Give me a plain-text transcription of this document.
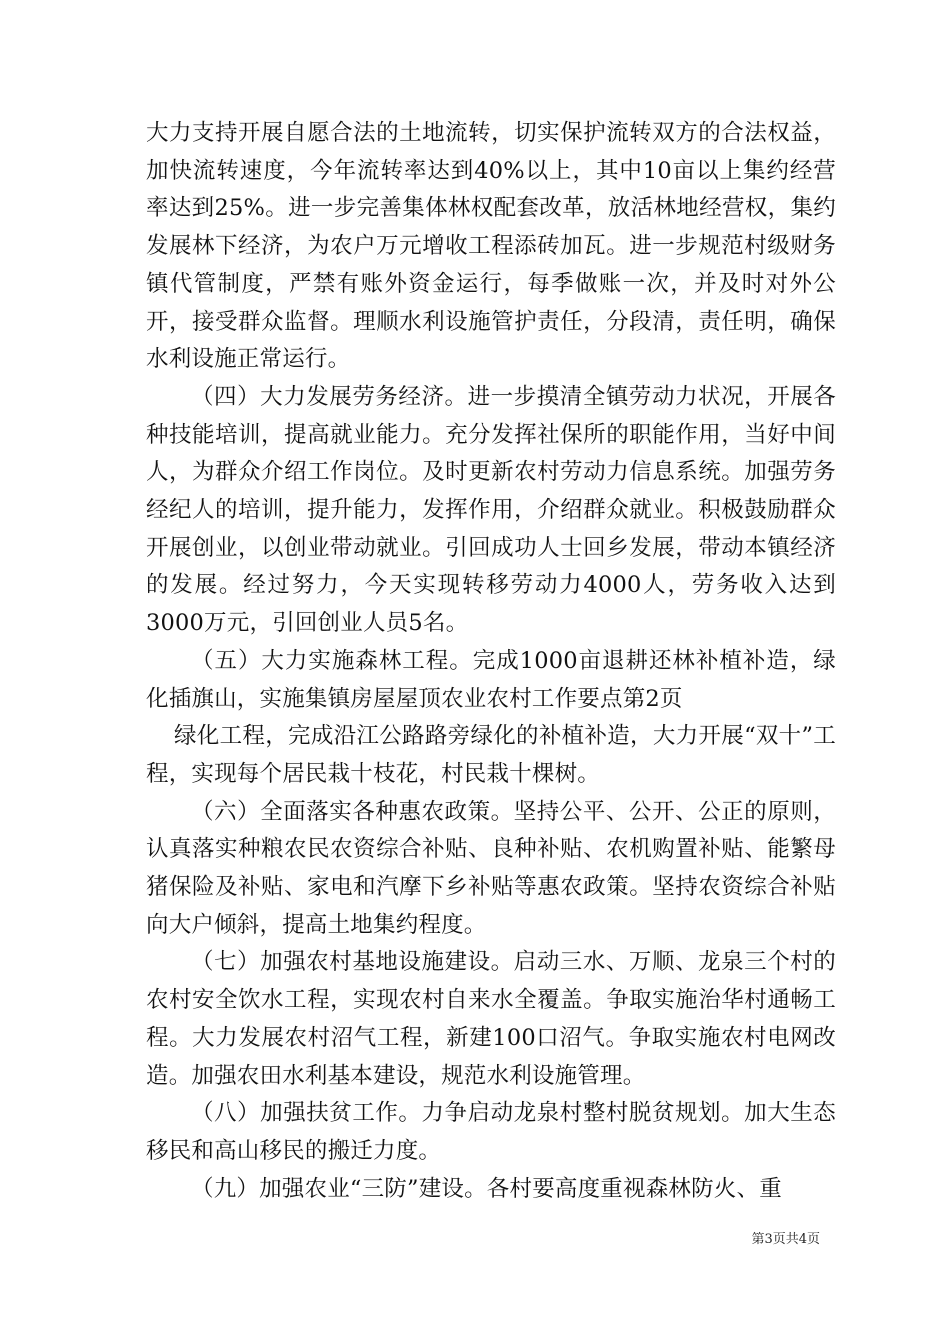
大力支持开展自愿合法的土地流转，切实保护流转双方的合法权益，加快流转速度，今年流转率达到40%以上，其中10亩以上集约经营率达到25%。进一步完善集体林权配套改革，放活林地经营权，集约发展林下经济，为农户万元增收工程添砖加瓦。进一步规范村级财务镇代管制度，严禁有账外资金运行，每季做账一次，并及时对外公开，接受群众监督。理顺水利设施管护责任，分段清，责任明，确保水利设施正常运行。

（四）大力发展劳务经济。进一步摸清全镇劳动力状况，开展各种技能培训，提高就业能力。充分发挥社保所的职能作用，当好中间人，为群众介绍工作岗位。及时更新农村劳动力信息系统。加强劳务经纪人的培训，提升能力，发挥作用，介绍群众就业。积极鼓励群众开展创业，以创业带动就业。引回成功人士回乡发展，带动本镇经济的发展。经过努力，今天实现转移劳动力4000人，劳务收入达到3000万元，引回创业人员5名。

（五）大力实施森林工程。完成1000亩退耕还林补植补造，绿化插旗山，实施集镇房屋屋顶农业农村工作要点第2页

绿化工程，完成沿江公路路旁绿化的补植补造，大力开展“双十”工程，实现每个居民栽十枝花，村民栽十棵树。

（六）全面落实各种惠农政策。坚持公平、公开、公正的原则，认真落实种粮农民农资综合补贴、良种补贴、农机购置补贴、能繁母猪保险及补贴、家电和汽摩下乡补贴等惠农政策。坚持农资综合补贴向大户倾斜，提高土地集约程度。

（七）加强农村基地设施建设。启动三水、万顺、龙泉三个村的农村安全饮水工程，实现农村自来水全覆盖。争取实施治华村通畅工程。大力发展农村沼气工程，新建100口沼气。争取实施农村电网改造。加强农田水利基本建设，规范水利设施管理。

（八）加强扶贫工作。力争启动龙泉村整村脱贫规划。加大生态移民和高山移民的搬迁力度。

（九）加强农业“三防”建设。各村要高度重视森林防火、重

第3页共4页
